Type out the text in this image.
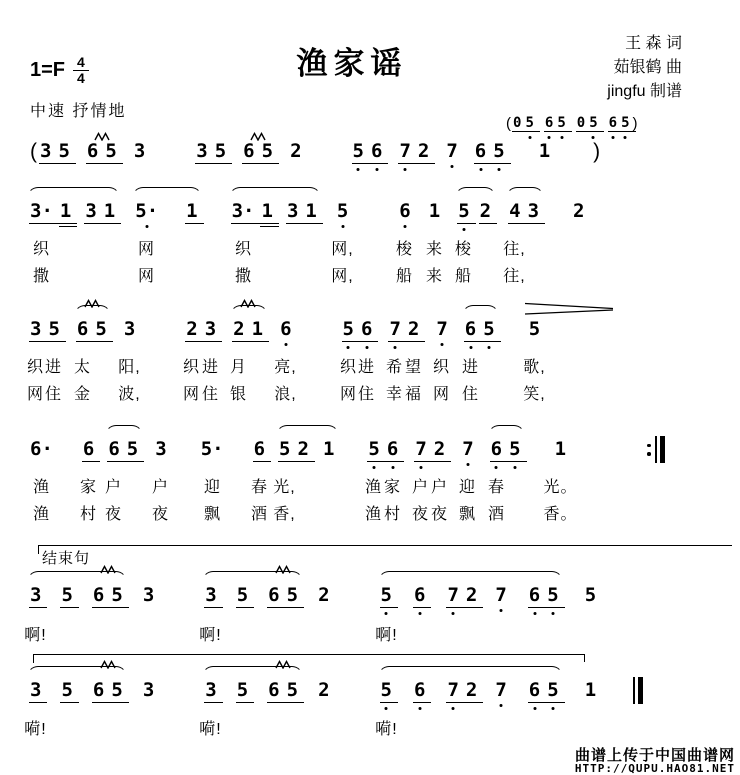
渔家谣
王 森 词
茹银鹤 曲
jingfu 制谱
$1=F \frac{4}{4}$
中速 抒情地
( 3 5 6 5 3	3 5 6 5 2	5 6 7 2 7 6 5 1 )
( 0 5 6 5 0 5 6 5 )
3· 1 3 1 5· 1 3· 1 3 1 5	6 1 5 2 4 3 2
织	网	织	网,	梭 来 梭 往,
撒	网	撒	网,	船 来 船 往,
3 5 6 5 3	2 3 2 1 6	5 6 7 2 7 6 5 5
织 进 太 阳,	织 进 月 亮,	织 进 希 望 织 进	歌,
网 住 金 波,	网 住 银 浪,	网 住 幸 福 网 住	笑,
6· 6 6 5 3 5· 6 5 2 1 5 6 7 2 7 6 5 1
渔 家 户 户 迎 春 光,	渔 家 户 户 迎 春 光。
渔 村 夜 夜 飘 酒 香,	渔 村 夜 夜 飘 酒 香。
3 5 6 5 3	3 5 6 5 2	5 6 7 2 7 6 5 5
啊!	啊!	啊!
3 5 6 5 3	3 5 6 5 2	5 6 7 2 7 6 5 1
嗬!	嗬!	嗬!
结束句
曲谱上传于中国曲谱网
HTTP://QUPU.HAO81.NET
